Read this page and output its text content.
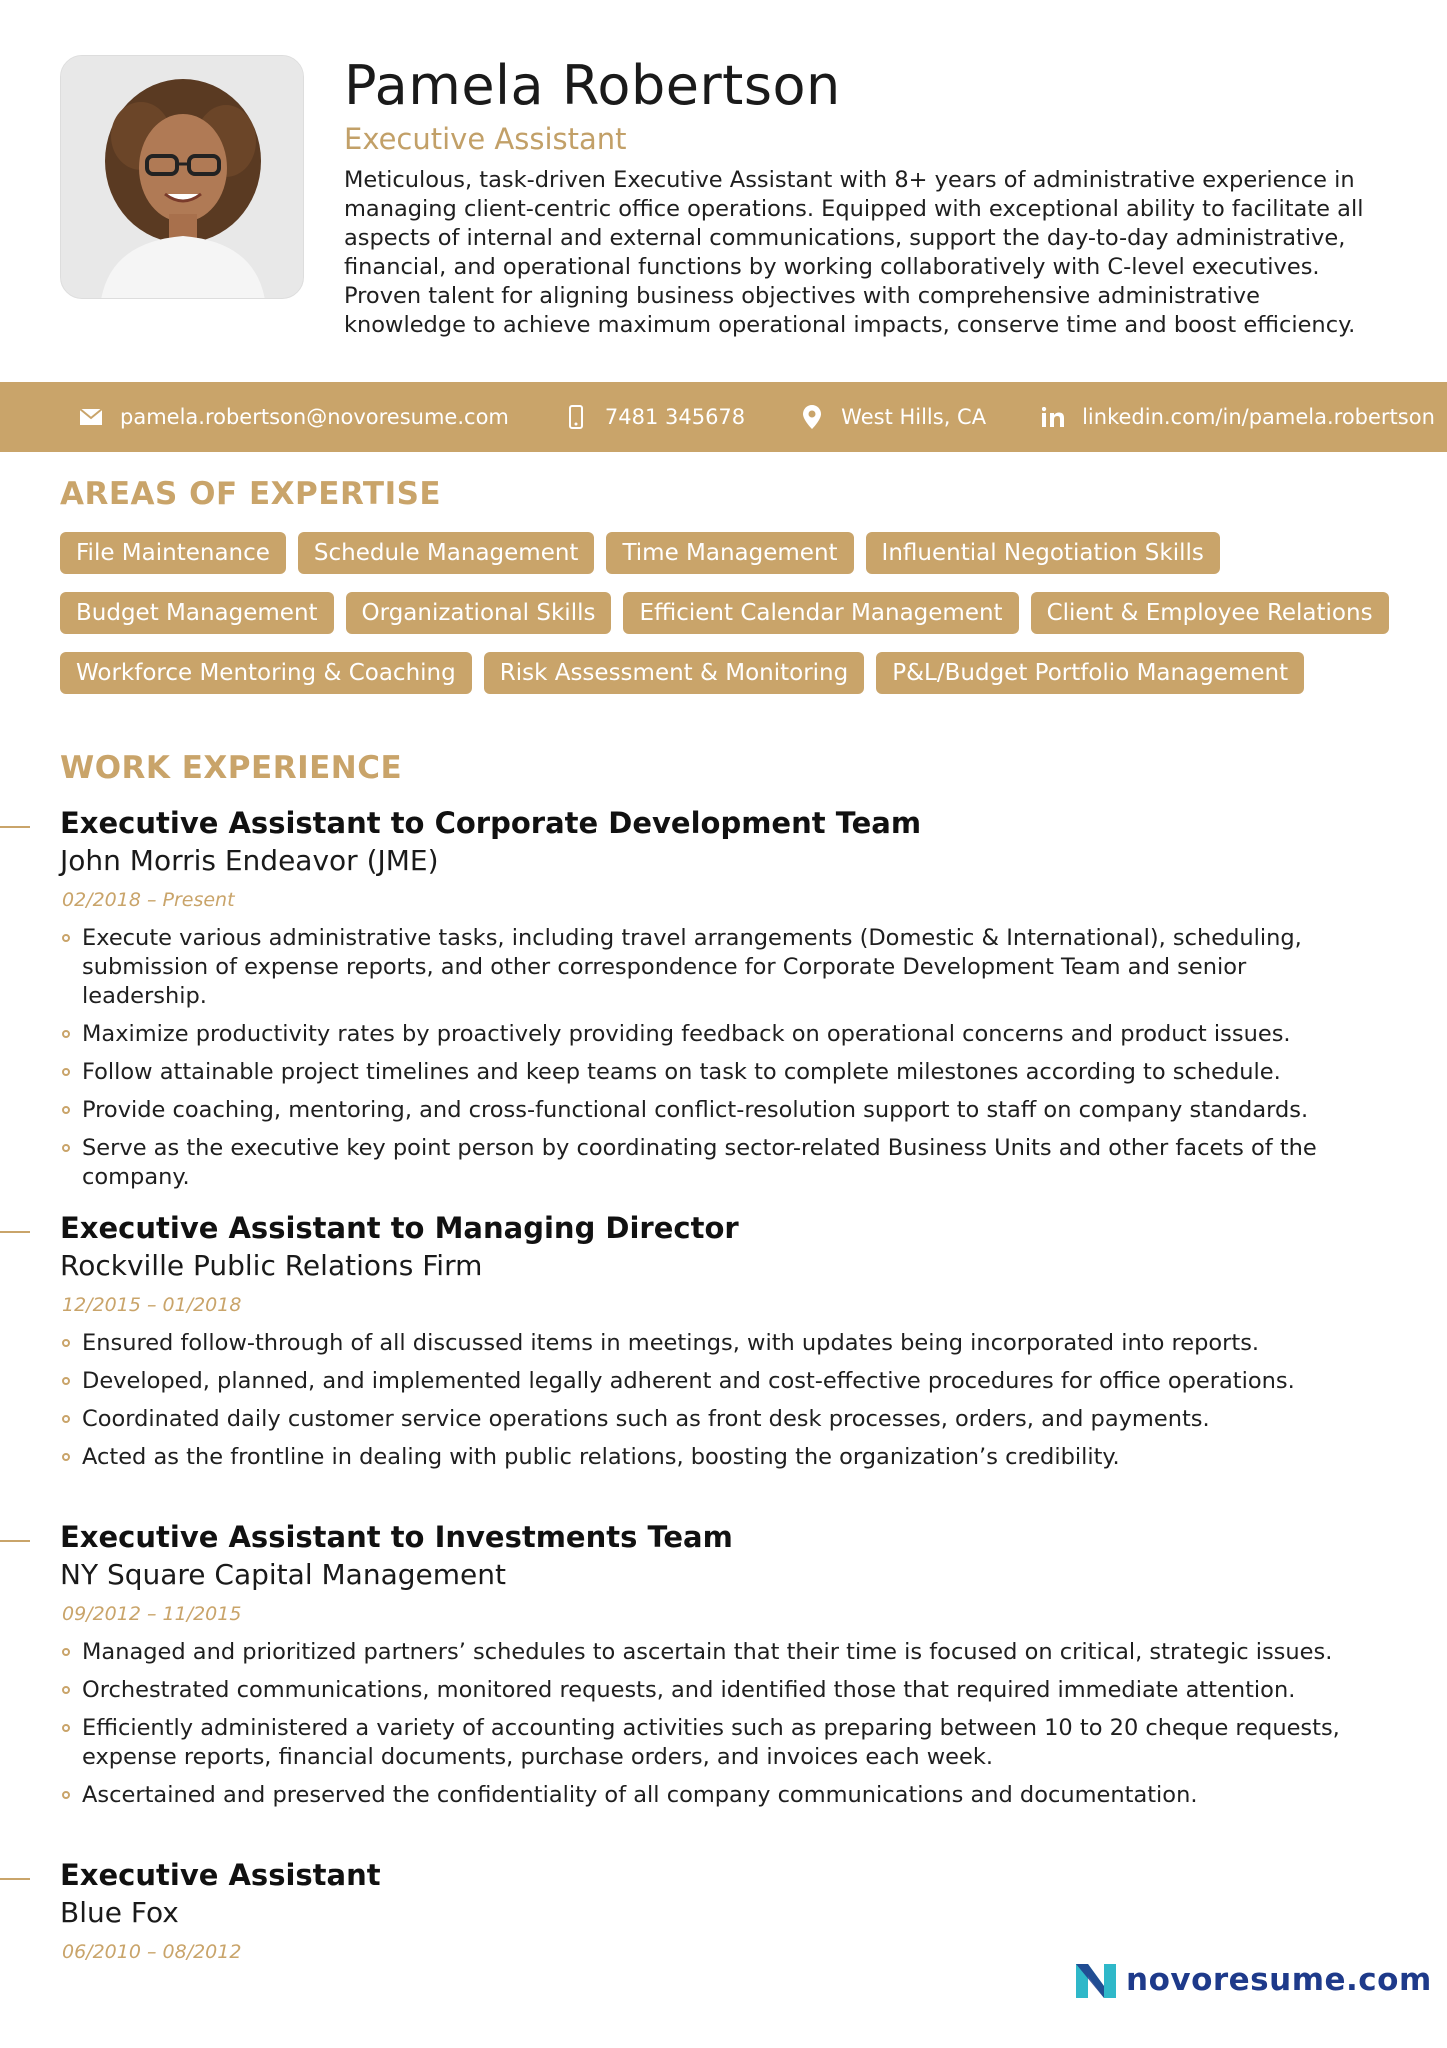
Pamela Robertson
Executive Assistant
Meticulous, task-driven Executive Assistant with 8+ years of administrative experience in managing client-centric office operations. Equipped with exceptional ability to facilitate all aspects of internal and external communications, support the day-to-day administrative, financial, and operational functions by working collaboratively with C-level executives. Proven talent for aligning business objectives with comprehensive administrative knowledge to achieve maximum operational impacts, conserve time and boost efficiency.
pamela.robertson@novoresume.com	7481 345678	West Hills, CA	linkedin.com/in/pamela.robertson
AREAS OF EXPERTISE
File Maintenance	Schedule Management	Time Management	Influential Negotiation Skills
Budget Management	Organizational Skills	Efficient Calendar Management	Client & Employee Relations
Workforce Mentoring & Coaching	Risk Assessment & Monitoring	P&L/Budget Portfolio Management
WORK EXPERIENCE
Executive Assistant to Corporate Development Team
John Morris Endeavor (JME)
02/2018 – Present
Execute various administrative tasks, including travel arrangements (Domestic & International), scheduling, submission of expense reports, and other correspondence for Corporate Development Team and senior leadership.
Maximize productivity rates by proactively providing feedback on operational concerns and product issues.
Follow attainable project timelines and keep teams on task to complete milestones according to schedule.
Provide coaching, mentoring, and cross-functional conflict-resolution support to staff on company standards.
Serve as the executive key point person by coordinating sector-related Business Units and other facets of the company.
Executive Assistant to Managing Director
Rockville Public Relations Firm
12/2015 – 01/2018
Ensured follow-through of all discussed items in meetings, with updates being incorporated into reports.
Developed, planned, and implemented legally adherent and cost-effective procedures for office operations.
Coordinated daily customer service operations such as front desk processes, orders, and payments.
Acted as the frontline in dealing with public relations, boosting the organization’s credibility.
Executive Assistant to Investments Team
NY Square Capital Management
09/2012 – 11/2015
Managed and prioritized partners’ schedules to ascertain that their time is focused on critical, strategic issues.
Orchestrated communications, monitored requests, and identified those that required immediate attention.
Efficiently administered a variety of accounting activities such as preparing between 10 to 20 cheque requests, expense reports, financial documents, purchase orders, and invoices each week.
Ascertained and preserved the confidentiality of all company communications and documentation.
Executive Assistant
Blue Fox
06/2010 – 08/2012
novoresume.com
